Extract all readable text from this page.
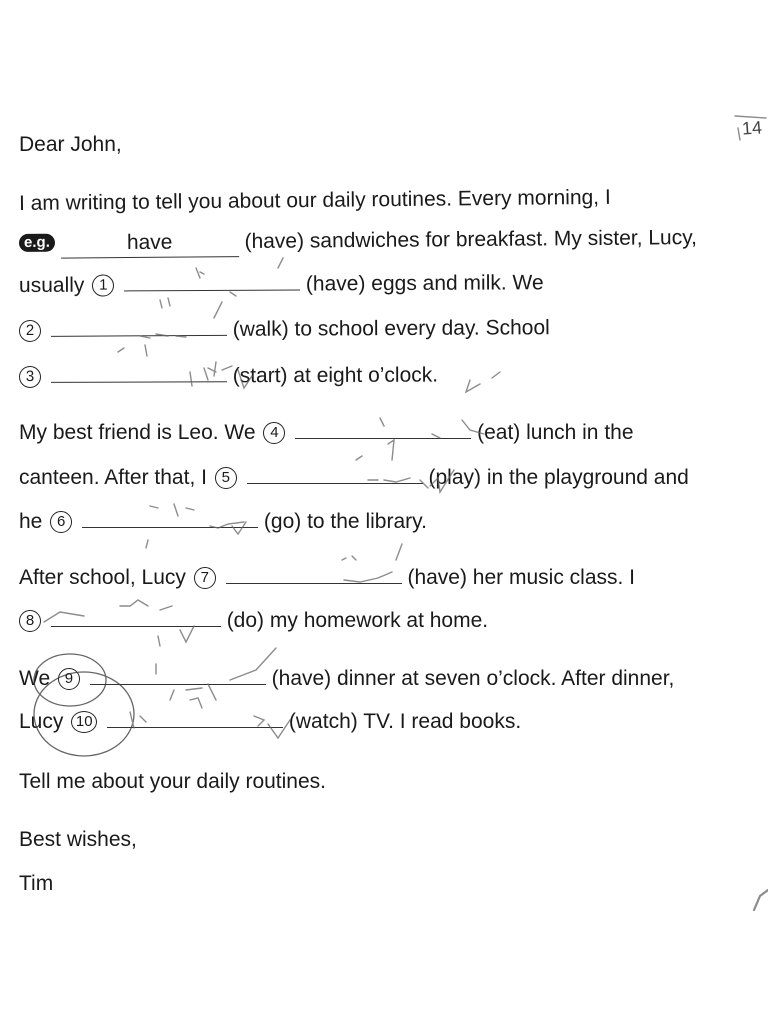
14
Dear John,
I am writing to tell you about our daily routines. Every morning, I
e.g.	have	(have) sandwiches for breakfast. My sister, Lucy,
usually 1	(have) eggs and milk. We
2	(walk) to school every day. School
3	(start) at eight o’clock.
My best friend is Leo. We 4	(eat) lunch in the
canteen. After that, I 5	(play) in the playground and
he 6	(go) to the library.
After school, Lucy 7	(have) her music class. I
8	(do) my homework at home.
We 9	(have) dinner at seven o’clock. After dinner,
Lucy 10	(watch) TV. I read books.
Tell me about your daily routines.
Best wishes,
Tim
